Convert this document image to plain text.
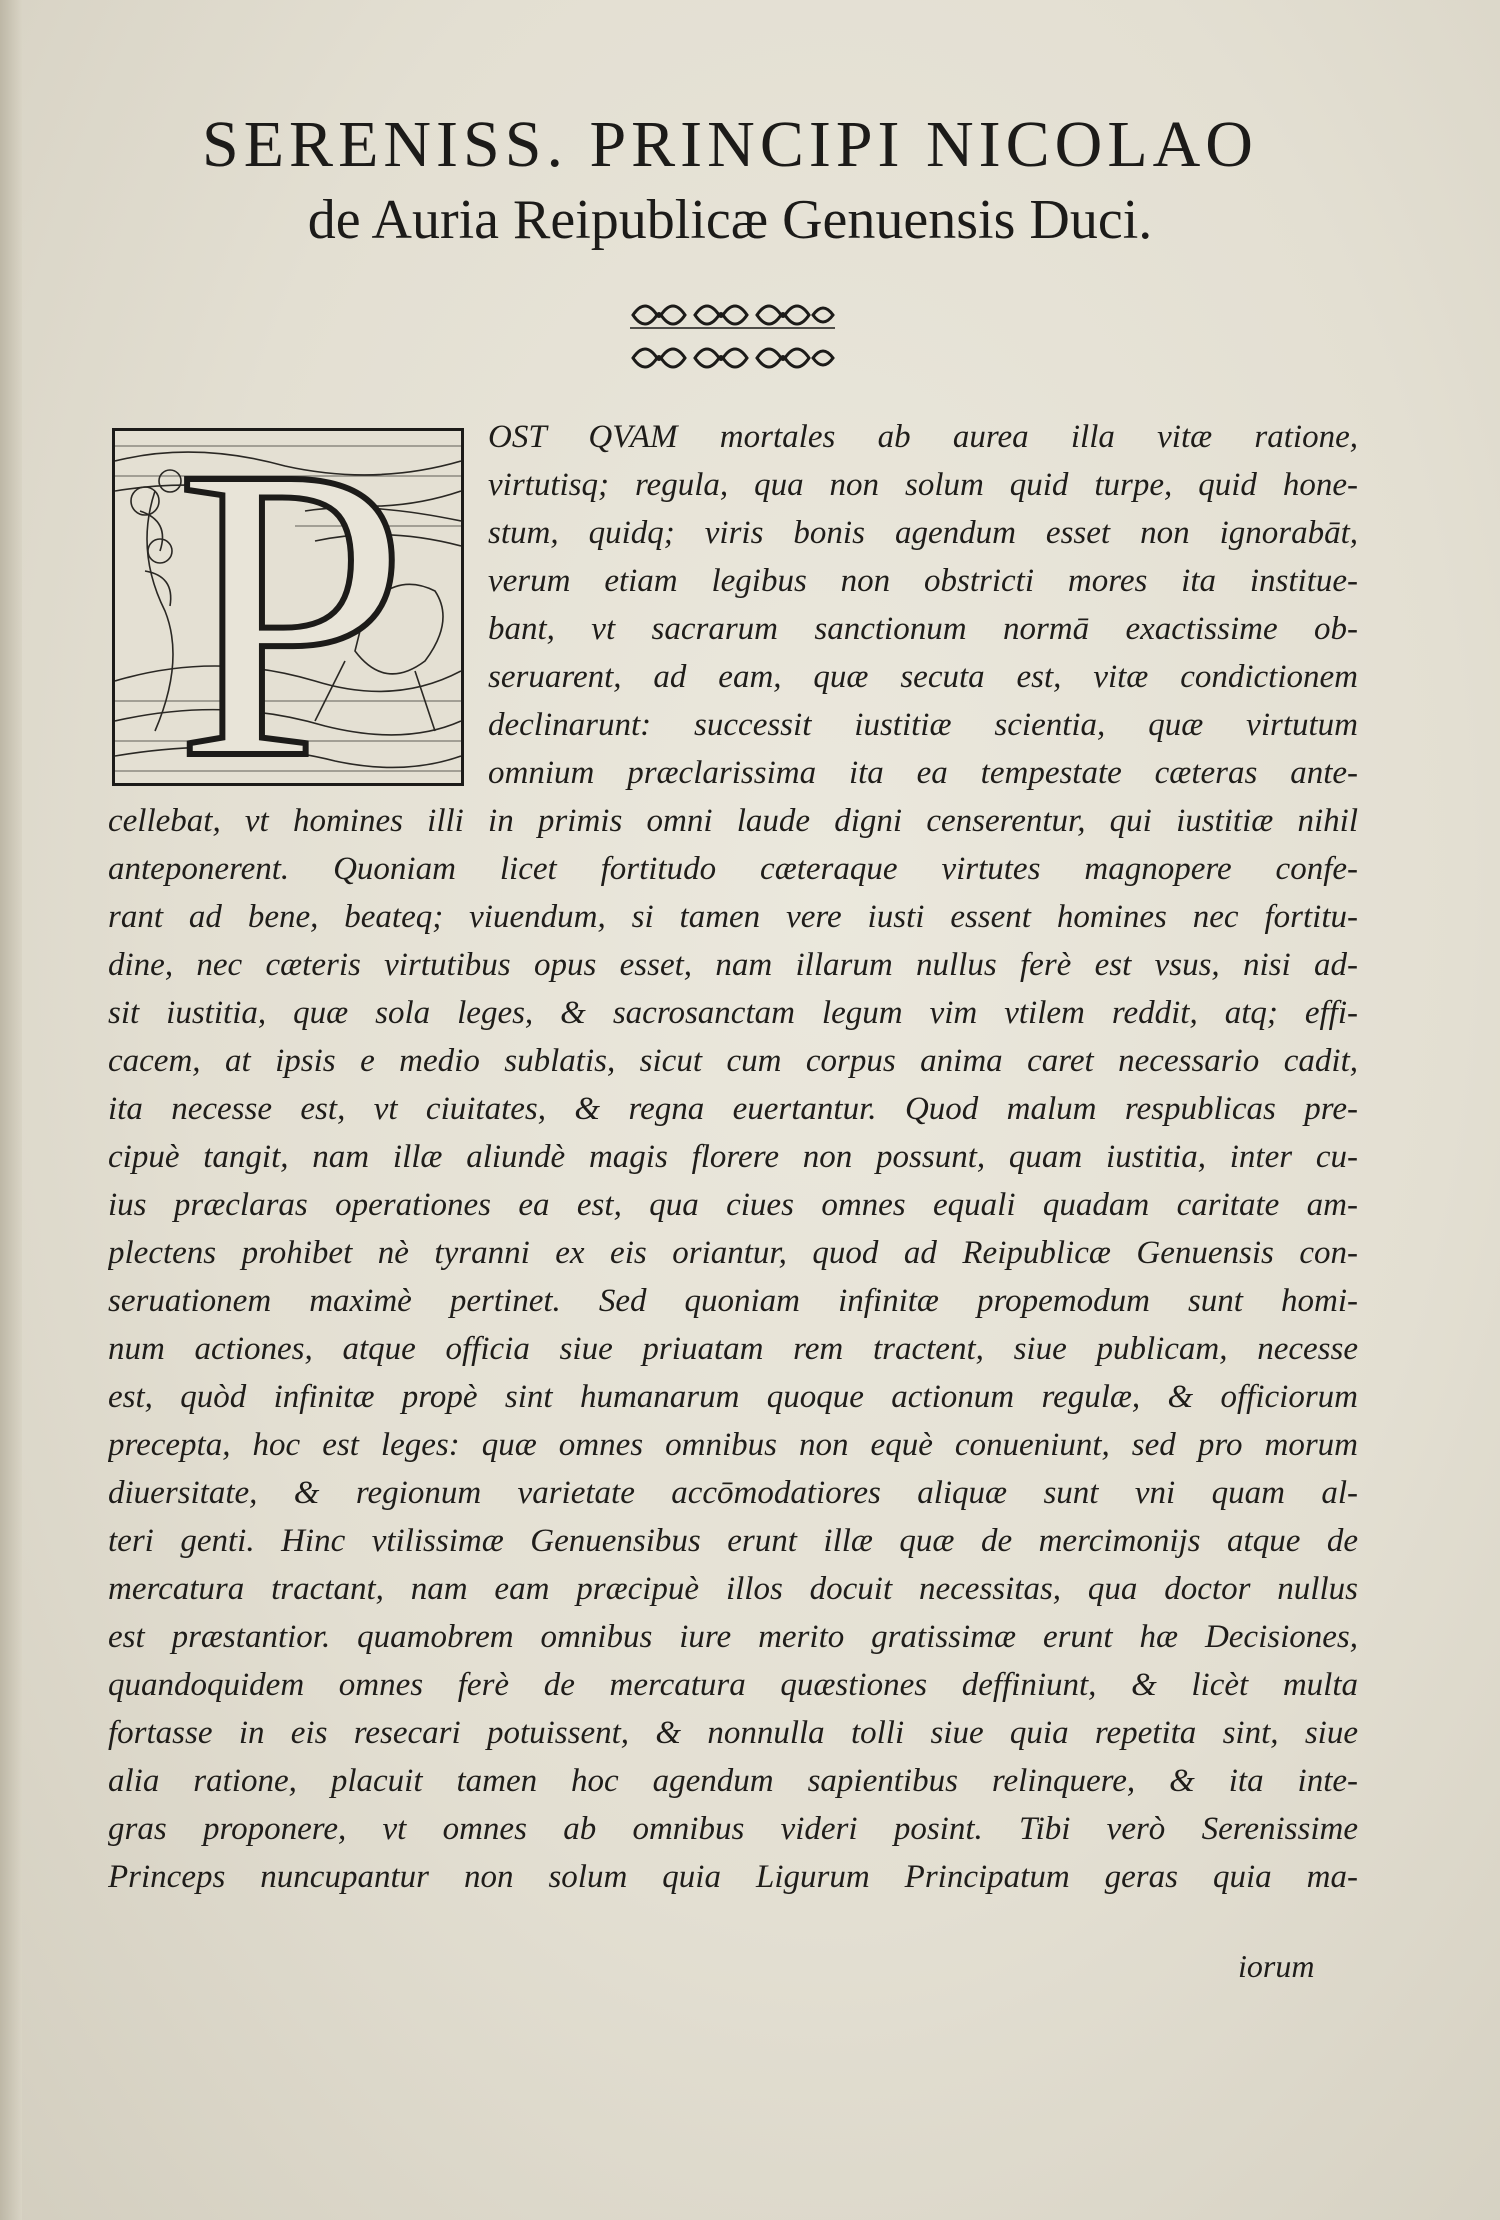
SERENISS. PRINCIPI NICOLAO
de Auria Reipublicæ Genuensis Duci.
P OST QVAM mortales ab aurea illa vitæ ratione,
virtutisq; regula, qua non solum quid turpe, quid hone-
stum, quidq; viris bonis agendum esset non ignorabāt,
verum etiam legibus non obstricti mores ita institue-
bant, vt sacrarum sanctionum normā exactissime ob-
seruarent, ad eam, quæ secuta est, vitæ condictionem
declinarunt: successit iustitiæ scientia, quæ virtutum
omnium præclarissima ita ea tempestate cæteras ante-
cellebat, vt homines illi in primis omni laude digni censerentur, qui iustitiæ nihil
anteponerent. Quoniam licet fortitudo cæteraque virtutes magnopere confe-
rant ad bene, beateq; viuendum, si tamen vere iusti essent homines nec fortitu-
dine, nec cæteris virtutibus opus esset, nam illarum nullus ferè est vsus, nisi ad-
sit iustitia, quæ sola leges, & sacrosanctam legum vim vtilem reddit, atq; effi-
cacem, at ipsis e medio sublatis, sicut cum corpus anima caret necessario cadit,
ita necesse est, vt ciuitates, & regna euertantur. Quod malum respublicas pre-
cipuè tangit, nam illæ aliundè magis florere non possunt, quam iustitia, inter cu-
ius præclaras operationes ea est, qua ciues omnes equali quadam caritate am-
plectens prohibet nè tyranni ex eis oriantur, quod ad Reipublicæ Genuensis con-
seruationem maximè pertinet. Sed quoniam infinitæ propemodum sunt homi-
num actiones, atque officia siue priuatam rem tractent, siue publicam, necesse
est, quòd infinitæ propè sint humanarum quoque actionum regulæ, & officiorum
precepta, hoc est leges: quæ omnes omnibus non equè conueniunt, sed pro morum
diuersitate, & regionum varietate accōmodatiores aliquæ sunt vni quam al-
teri genti. Hinc vtilissimæ Genuensibus erunt illæ quæ de mercimonijs atque de
mercatura tractant, nam eam præcipuè illos docuit necessitas, qua doctor nullus
est præstantior. quamobrem omnibus iure merito gratissimæ erunt hæ Decisiones,
quandoquidem omnes ferè de mercatura quæstiones deffiniunt, & licèt multa
fortasse in eis resecari potuissent, & nonnulla tolli siue quia repetita sint, siue
alia ratione, placuit tamen hoc agendum sapientibus relinquere, & ita inte-
gras proponere, vt omnes ab omnibus videri posint. Tibi verò Serenissime
Princeps nuncupantur non solum quia Ligurum Principatum geras quia ma-
iorum
